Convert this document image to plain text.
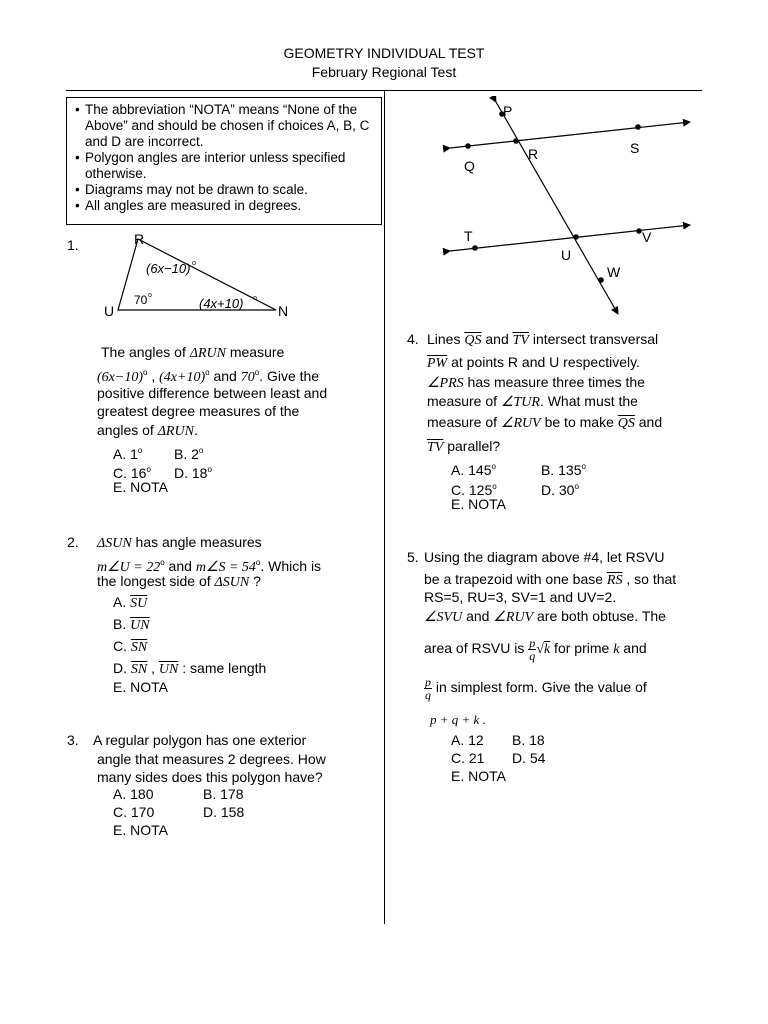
GEOMETRY INDIVIDUAL TEST
February Regional Test
• The abbreviation “NOTA” means “None of the Above” and should be chosen if choices A, B, C and D are incorrect.
• Polygon angles are interior unless specified otherwise.
• Diagrams may not be drawn to scale.
• All angles are measured in degrees.
1.	R
U	N
(6x−10) o
70 o
(4x+10) o
The angles of ΔRUN measure
$(6x-10)^o$ , $(4x+10)^o$ and 70$^o$. Give the
positive difference between least and
greatest degree measures of the
angles of ΔRUN.
A. 1$^o$ B. 2$^o$
C. 16$^o$ D. 18$^o$
E. NOTA
2. ΔSUN has angle measures
m∠U = $22^o$ and m∠S = $54^o$. Which is
the longest side of ΔSUN ?
A. $\overline{SU}$
B. $\overline{UN}$
C. $\overline{SN}$
D. $\overline{SN}$ , $\overline{UN}$ : same length
E. NOTA
3. A regular polygon has one exterior
angle that measures 2 degrees. How
many sides does this polygon have?
A. 180	B. 178
C. 170	D. 158
E. NOTA
P
Q
R	S
T
U
V
W
4. Lines $\overline{QS}$ and $\overline{TV}$ intersect transversal
$\overline{PW}$ at points R and U respectively.
∠PRS has measure three times the
measure of ∠TUR. What must the
measure of ∠RUV be to make $\overline{QS}$ and
$\overline{TV}$ parallel?
A. 145$^o$	B. 135$^o$
C. 125$^o$	D. 30$^o$
E. NOTA
5. Using the diagram above #4, let RSVU
be a trapezoid with one base $\overline{RS}$ , so that
RS=5, RU=3, SV=1 and UV=2.
∠SVU and ∠RUV are both obtuse. The
area of RSVU is $\frac{p}{q} √k$ for prime k and
$\frac{p}{q}$ in simplest form. Give the value of
p + q + k .
A. 12 B. 18
C. 21 D. 54
E. NOTA
